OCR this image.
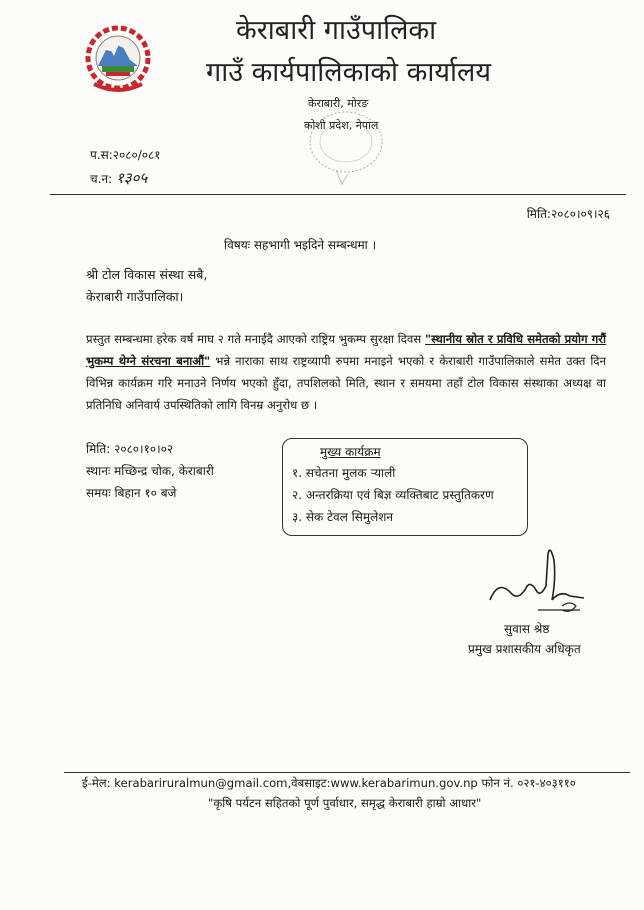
केराबारी गाउँपालिका
गाउँ कार्यपालिकाको कार्यालय
केराबारी, मोरङ
कोशी प्रदेश, नेपाल
प.स:२०८०/०८१
च.न: १३०५
मिति:२०८०।०९।२६
विषयः सहभागी भइदिने सम्बन्धमा ।
श्री टोल विकास संस्था सबै,
केराबारी गाउँपालिका।
प्रस्तुत सम्बन्धमा हरेक वर्ष माघ २ गते मनाईदै आएको राष्ट्रिय भुकम्प सुरक्षा दिवस "स्थानीय स्रोत र प्रविधि समेतको प्रयोग गरौं भुकम्प थेग्ने संरचना बनाऔं" भन्ने नाराका साथ राष्ट्रव्यापी रुपमा मनाइने भएको र केराबारी गाउँपालिकाले समेत उक्त दिन विभिन्न कार्यक्रम गरि मनाउने निर्णय भएको हुँदा, तपशिलको मिति, स्थान र समयमा तहाँ टोल विकास संस्थाका अध्यक्ष वा प्रतिनिधि अनिवार्य उपस्थितिको लागि विनम्र अनुरोध छ ।
मिति: २०८०।१०।०२
स्थानः मच्छिन्द्र चोक, केराबारी
समयः बिहान १० बजे
मुख्य कार्यक्रम
१. सचेतना मुलक र्‍याली
२. अन्तरक्रिया एवं बिज्ञ व्यक्तिबाट प्रस्तुतिकरण
३. सेक टेवल सिमुलेशन
सुवास श्रेष्ठ
प्रमुख प्रशासकीय अधिकृत
ई-मेल: kerabariruralmun@gmail.com,वेबसाइट:www.kerabarimun.gov.np फोन नं. ०२१-४०३११०
"कृषि पर्यटन सहितको पूर्ण पुर्वाधार, समृद्ध केराबारी हाम्रो आधार"
